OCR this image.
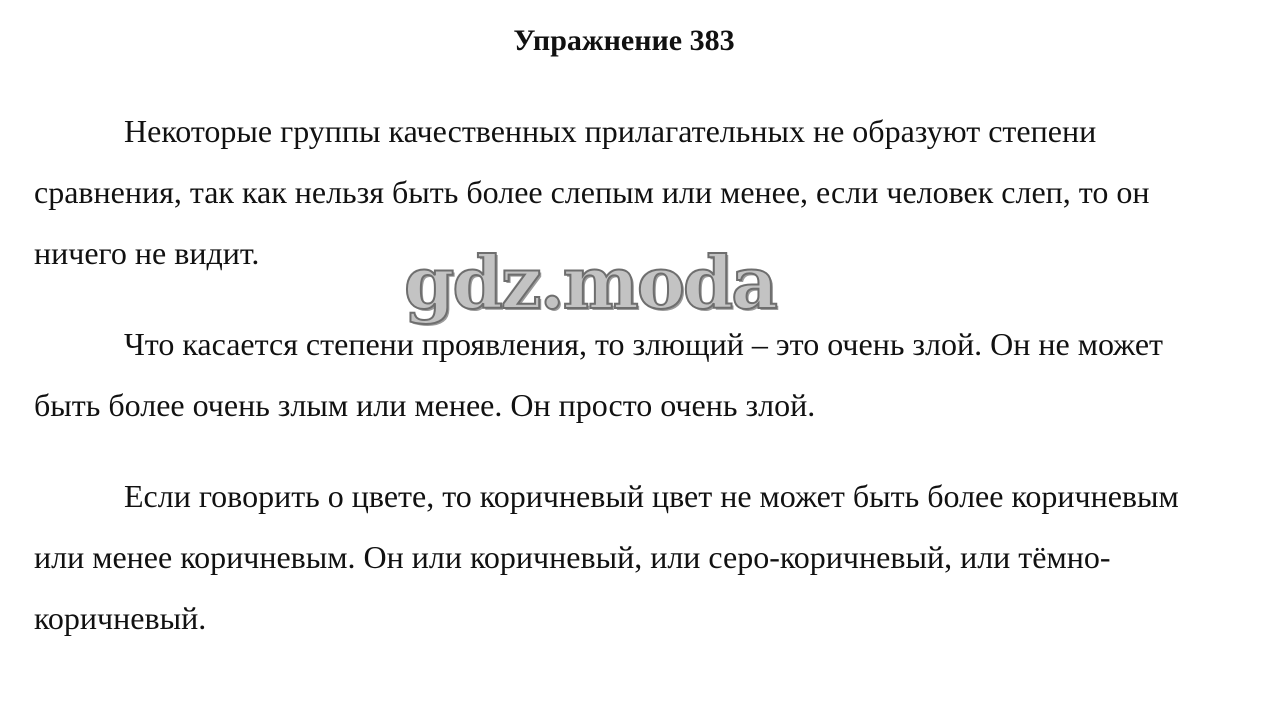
Упражнение 383

Некоторые группы качественных прилагательных не образуют степени сравнения, так как нельзя быть более слепым или менее, если человек слеп, то он ничего не видит.

Что касается степени проявления, то злющий – это очень злой. Он не может быть более очень злым или менее. Он просто очень злой.

Если говорить о цвете, то коричневый цвет не может быть более коричневым или менее коричневым. Он или коричневый, или серо-коричневый, или тёмно-коричневый.

gdz.moda
